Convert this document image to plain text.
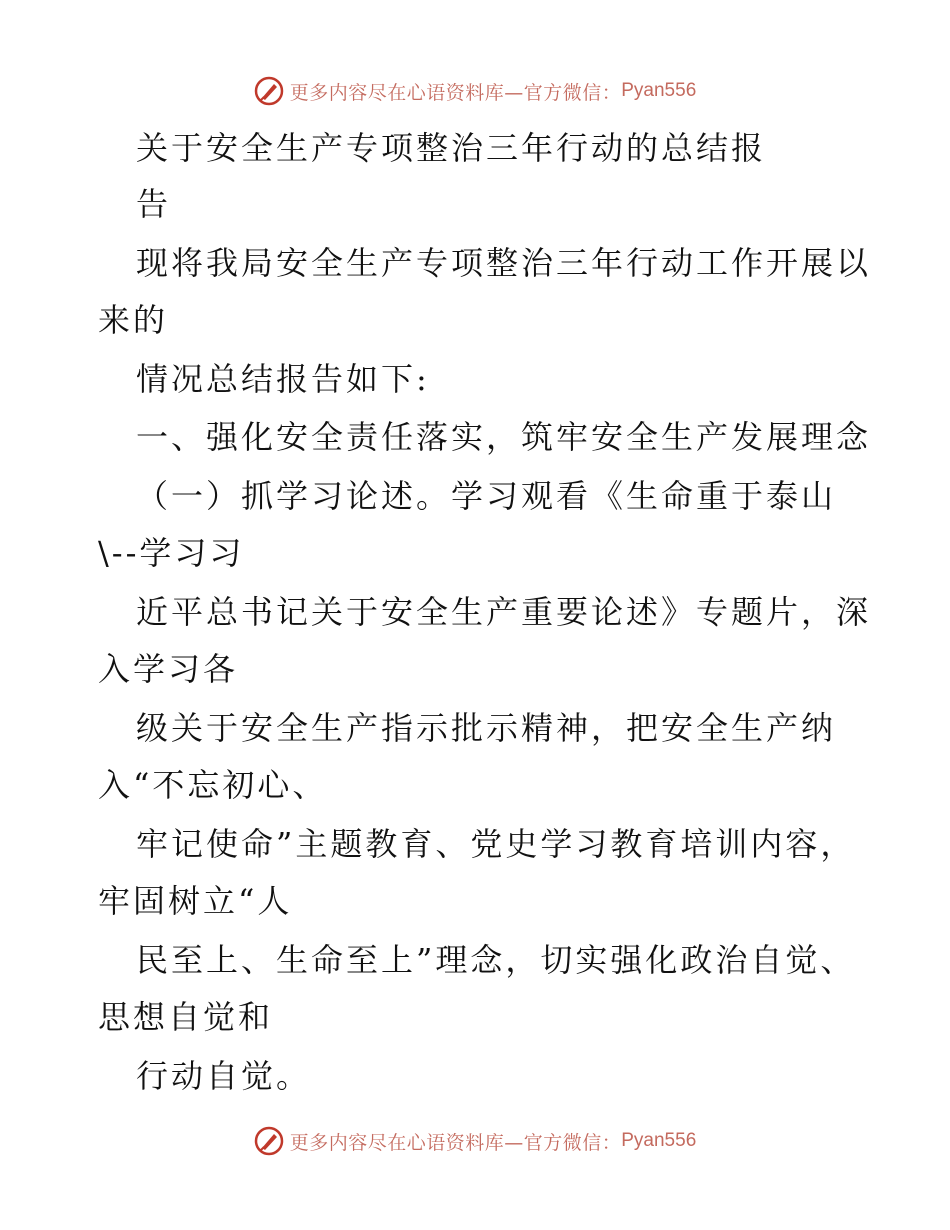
更多内容尽在心语资料库—官方微信： Pyan556
关于安全生产专项整治三年行动的总结报
告
现将我局安全生产专项整治三年行动工作开展以
来的
情况总结报告如下:
一、强化安全责任落实，筑牢安全生产发展理念
（一）抓学习论述。学习观看《生命重于泰山
\--学习习
近平总书记关于安全生产重要论述》专题片，深
入学习各
级关于安全生产指示批示精神，把安全生产纳
入“不忘初心、
牢记使命”主题教育、党史学习教育培训内容，
牢固树立“人
民至上、生命至上”理念，切实强化政治自觉、
思想自觉和
行动自觉。
更多内容尽在心语资料库—官方微信： Pyan556
